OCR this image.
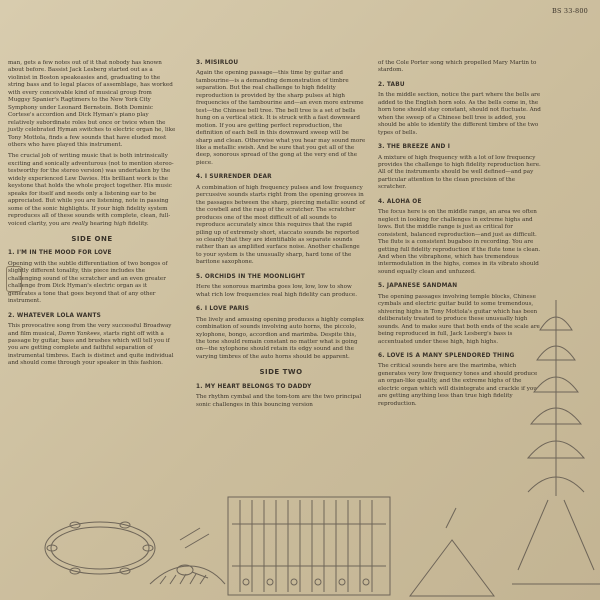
BS 33-800

man, gets a few notes out of it that nobody has known about before. Bassist Jack Lesberg started out as a violinist in Boston speakeasies and, graduating to the string bass and to legal places of assemblage, has worked with every conceivable kind of musical group from Muggsy Spanier's Ragtimers to the New York City Symphony under Leonard Bernstein. Both Dominic Cortese's accordion and Dick Hyman's piano play relatively subordinate roles but once or twice when the justly celebrated Hyman switches to electric organ he, like Tony Mottola, finds a few sounds that have eluded most others who have played this instrument.

The crucial job of writing music that is both intrinsically exciting and sonically adventurous (not to mention stereo-testworthy for the stereo version) was undertaken by the widely experienced Lew Davies. His brilliant work is the keystone that holds the whole project together. His music speaks for itself and needs only a listening ear to be appreciated. But while you are listening, note in passing some of the sonic highlights. If your high fidelity system reproduces all of these sounds with complete, clean, full-voiced clarity, you are really hearing high fidelity.

SIDE ONE
1. I'M IN THE MOOD FOR LOVE

Opening with the subtle differentiation of two bongos of slightly different tonality, this piece includes the challenging sound of the scratcher and an even greater challenge from Dick Hyman's electric organ as it generates a tone that goes beyond that of any other instrument.

2. WHATEVER LOLA WANTS

This provocative song from the very successful Broadway and film musical, Damn Yankees, starts right off with a passage by guitar, bass and brushes which will tell you if you are getting complete and faithful separation of instrumental timbres. Each is distinct and quite individual and should come through your speaker in this fashion.

3. MISIRLOU

Again the opening passage—this time by guitar and tambourine—is a demanding demonstration of timbre separation. But the real challenge to high fidelity reproduction is provided by the sharp pulses at high frequencies of the tambourine and—an even more extreme test—the Chinese bell tree. The bell tree is a set of bells hung on a vertical stick. It is struck with a fast downward motion. If you are getting perfect reproduction, the definition of each bell in this downward sweep will be sharp and clean. Otherwise what you hear may sound more like a metallic swish. And be sure that you get all of the deep, sonorous spread of the gong at the very end of the piece.

4. I SURRENDER DEAR

A combination of high frequency pulses and low frequency percussive sounds starts right from the opening grooves in the passages between the sharp, piercing metallic sound of the cowbell and the rasp of the scratcher. The scratcher produces one of the most difficult of all sounds to reproduce accurately since this requires that the rapid piling up of extremely short, staccato sounds be reported so cleanly that they are identifiable as separate sounds rather than as amplified surface noise. Another challenge to your system is the unusually sharp, hard tone of the baritone saxophone.

5. ORCHIDS IN THE MOONLIGHT

Here the sonorous marimba goes low, low, low to show what rich low frequencies real high fidelity can produce.

6. I LOVE PARIS

The lively and amusing opening produces a highly complex combination of sounds involving auto horns, the piccolo, xylophone, bongo, accordion and marimba. Despite this, the tone should remain constant no matter what is going on—the xylophone should retain its edgy sound and the varying timbres of the auto horns should be apparent.

SIDE TWO
1. MY HEART BELONGS TO DADDY

The rhythm cymbal and the tom-tom are the two principal sonic challenges in this bouncing version

of the Cole Porter song which propelled Mary Martin to stardom.

2. TABU

In the middle section, notice the part where the bells are added to the English horn solo. As the bells come in, the horn tone should stay constant, should not fluctuate. And when the sweep of a Chinese bell tree is added, you should be able to identify the different timbre of the two types of bells.

3. THE BREEZE AND I

A mixture of high frequency with a lot of low frequency provides the challenge to high fidelity reproduction here. All of the instruments should be well defined—and pay particular attention to the clean precision of the scratcher.

4. ALOHA OE

The focus here is on the middle range, an area we often neglect in looking for challenges in extreme highs and lows. But the middle range is just as critical for consistent, balanced reproduction—and just as difficult. The flute is a consistent bugaboo in recording. You are getting full fidelity reproduction if the flute tone is clean. And when the vibraphone, which has tremendous intermodulation in the highs, comes in its vibrato should sound equally clean and unfuzzed.

5. JAPANESE SANDMAN

The opening passages involving temple blocks, Chinese cymbals and electric guitar build to some tremendous, shivering highs in Tony Mottola's guitar which has been deliberately treated to produce these unusually high sounds. And to make sure that both ends of the scale are being reproduced in full, Jack Lesberg's bass is accentuated under these high, high highs.

6. LOVE IS A MANY SPLENDORED THING

The critical sounds here are the marimba, which generates very low frequency tones and should produce an organ-like quality, and the extreme highs of the electric organ which will disintegrate and crackle if you are getting anything less than true high fidelity reproduction.
